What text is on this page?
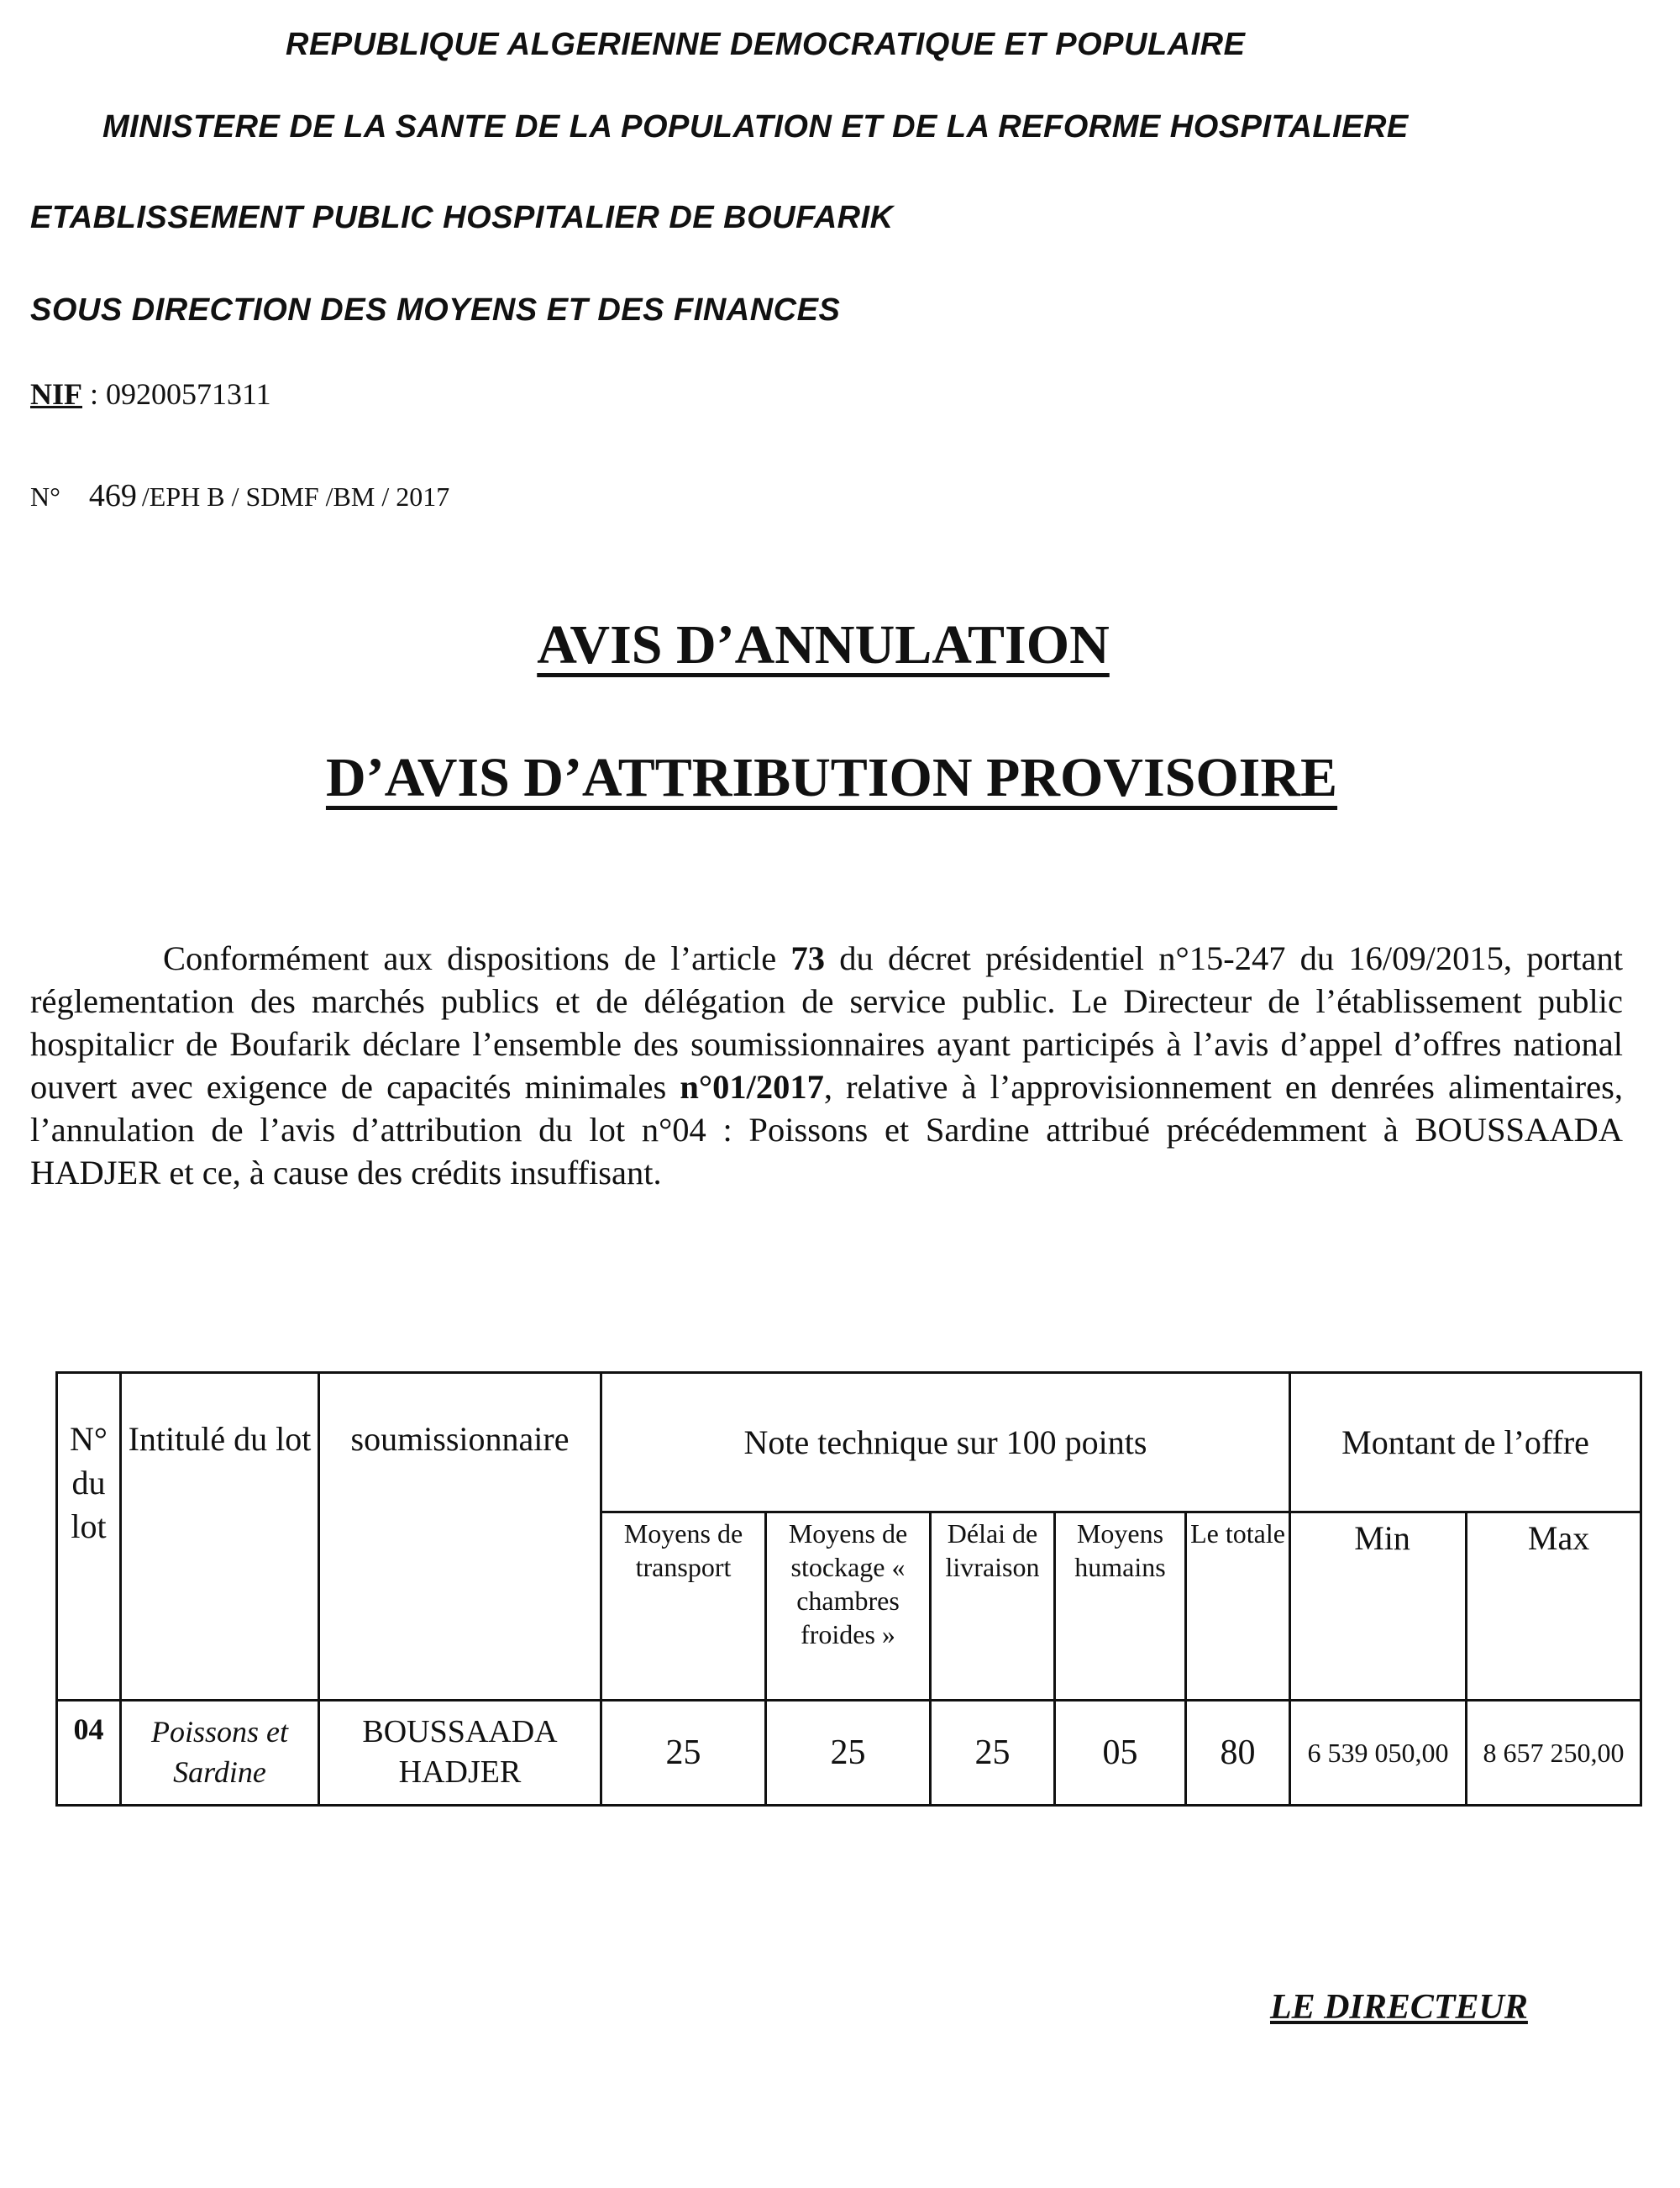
REPUBLIQUE ALGERIENNE DEMOCRATIQUE ET POPULAIRE
MINISTERE DE LA SANTE DE LA POPULATION ET DE LA REFORME HOSPITALIERE
ETABLISSEMENT PUBLIC HOSPITALIER DE BOUFARIK
SOUS DIRECTION DES MOYENS ET DES FINANCES
NIF : 09200571311
N° 469 /EPH B / SDMF /BM / 2017
AVIS D’ANNULATION
D’AVIS D’ATTRIBUTION PROVISOIRE
Conformément aux dispositions de l’article 73 du décret présidentiel n°15-247 du 16/09/2015, portant réglementation des marchés publics et de délégation de service public. Le Directeur de l’établissement public hospitalicr de Boufarik déclare l’ensemble des soumissionnaires ayant participés à l’avis d’appel d’offres national ouvert avec exigence de capacités minimales n°01/2017, relative à l’approvisionnement en denrées alimentaires, l’annulation de l’avis d’attribution du lot n°04 : Poissons et Sardine attribué précédemment à BOUSSAADA HADJER et ce, à cause des crédits insuffisant.
N° du lot	Intitulé du lot	soumissionnaire	Note technique sur 100 points					Montant de l’offre	
			Moyens de transport	Moyens de stockage « chambres froides »	Délai de livraison	Moyens humains	Le totale	Min	Max
04	Poissons et Sardine	BOUSSAADA HADJER	25	25	25	05	80	6 539 050,00	8 657 250,00
LE DIRECTEUR
